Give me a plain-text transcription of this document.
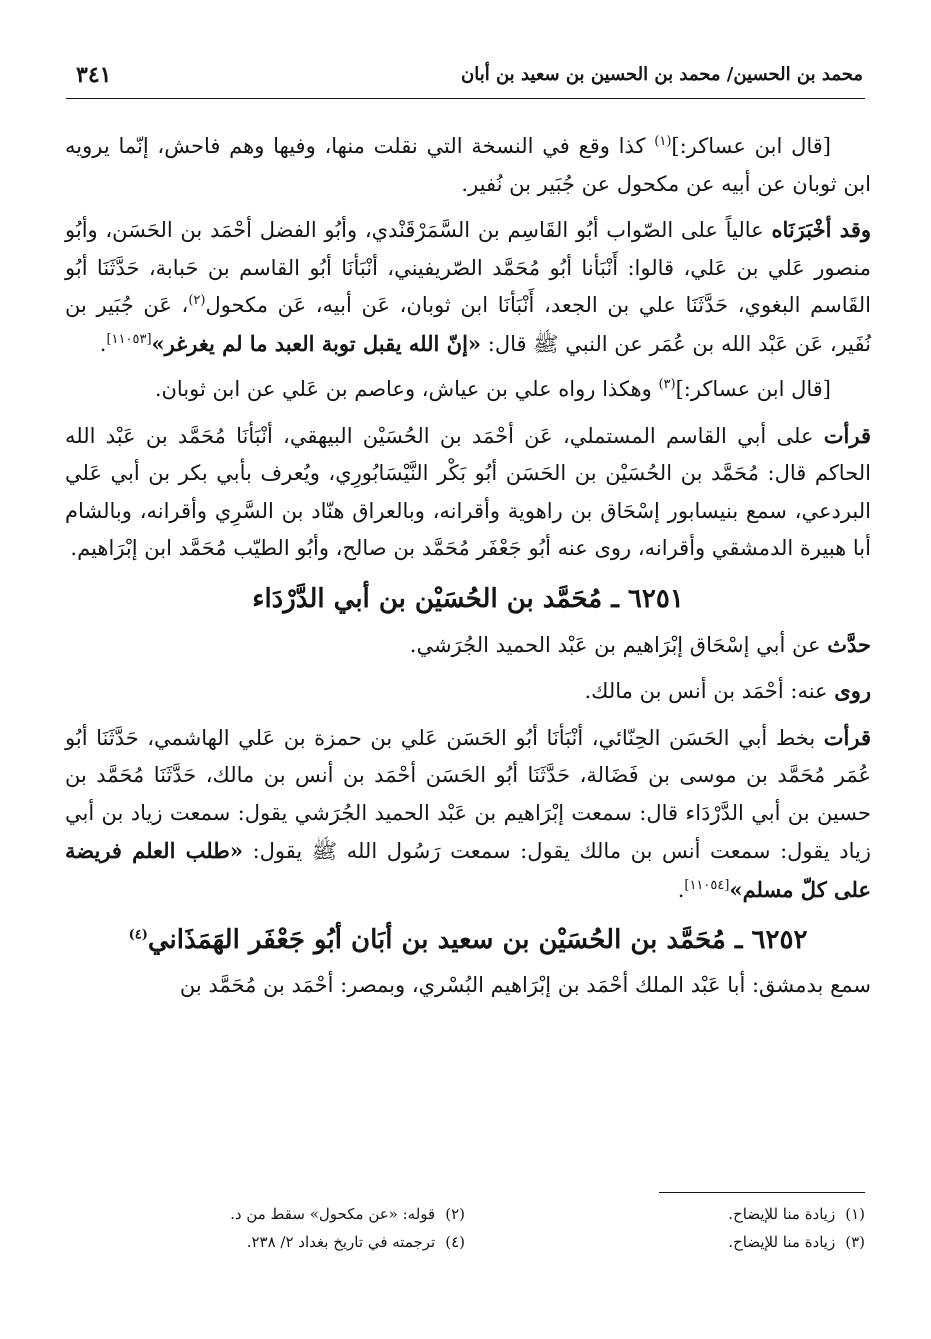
محمد بن الحسين/ محمد بن الحسين بن سعيد بن أبان
٣٤١

[قال ابن عساكر:]$^{(١)}$ كذا وقع في النسخة التي نقلت منها، وفيها وهم فاحش، إنّما يرويه ابن ثوبان عن أبيه عن مكحول عن جُبَير بن نُفير.

وقد أخْبَرَنَاه عالياً على الصّواب أبُو القَاسِم بن السَّمَرْقَنْدي، وأبُو الفضل أحْمَد بن الحَسَن، وأبُو منصور عَلي بن عَلي، قالوا: أَنْبَأنا أبُو مُحَمَّد الصّريفيني، أنْبَأنَا أبُو القاسم بن حَبابة، حَدَّثَنَا أبُو القَاسم البغوي، حَدَّثَنَا علي بن الجعد، أَنْبَأنَا ابن ثوبان، عَن أبيه، عَن مكحول$^{(٢)}$، عَن جُبَير بن نُفَير، عَن عَبْد الله بن عُمَر عن النبي ﷺ قال: «إنّ الله يقبل توبة العبد ما لم يغرغر»[١١٠٥٣].

[قال ابن عساكر:]$^{(٣)}$ وهكذا رواه علي بن عياش، وعاصم بن عَلي عن ابن ثوبان.

قرأت على أبي القاسم المستملي، عَن أحْمَد بن الحُسَيْن البيهقي، أنْبَأنَا مُحَمَّد بن عَبْد الله الحاكم قال: مُحَمَّد بن الحُسَيْن بن الحَسَن أبُو بَكْر النَّيْسَابُورِي، ويُعرف بأبي بكر بن أبي عَلي البردعي، سمع بنيسابور إسْحَاق بن راهوية وأقرانه، وبالعراق هنّاد بن السَّرِي وأقرانه، وبالشام أبا هبيرة الدمشقي وأقرانه، روى عنه أبُو جَعْفَر مُحَمَّد بن صالح، وأبُو الطيّب مُحَمَّد ابن إبْرَاهيم.

٦٢٥١ ـ مُحَمَّد بن الحُسَيْن بن أبي الدَّرْدَاء

حدَّث عن أبي إسْحَاق إبْرَاهيم بن عَبْد الحميد الجُرَشي.

روى عنه: أحْمَد بن أنس بن مالك.

قرأت بخط أبي الحَسَن الحِنّائي، أنْبَأنَا أبُو الحَسَن عَلي بن حمزة بن عَلي الهاشمي، حَدَّثَنَا أبُو عُمَر مُحَمَّد بن موسى بن فَضَالة، حَدَّثَنَا أبُو الحَسَن أحْمَد بن أنس بن مالك، حَدَّثَنَا مُحَمَّد بن حسين بن أبي الدَّرْدَاء قال: سمعت إبْرَاهيم بن عَبْد الحميد الجُرَشي يقول: سمعت زياد بن أبي زياد يقول: سمعت أنس بن مالك يقول: سمعت رَسُول الله ﷺ يقول: «طلب العلم فريضة على كلّ مسلم»[١١٠٥٤].

٦٢٥٢ ـ مُحَمَّد بن الحُسَيْن بن سعيد بن أبَان أبُو جَعْفَر الهَمَذَاني$^{(٤)}$

سمع بدمشق: أبا عَبْد الملك أحْمَد بن إبْرَاهيم البُسْري، وبمصر: أحْمَد بن مُحَمَّد بن

(١)زيادة منا للإيضاح.
(٢)قوله: «عن مكحول» سقط من د.
(٣)زيادة منا للإيضاح.
(٤)ترجمته في تاريخ بغداد ٢/ ٢٣٨.
